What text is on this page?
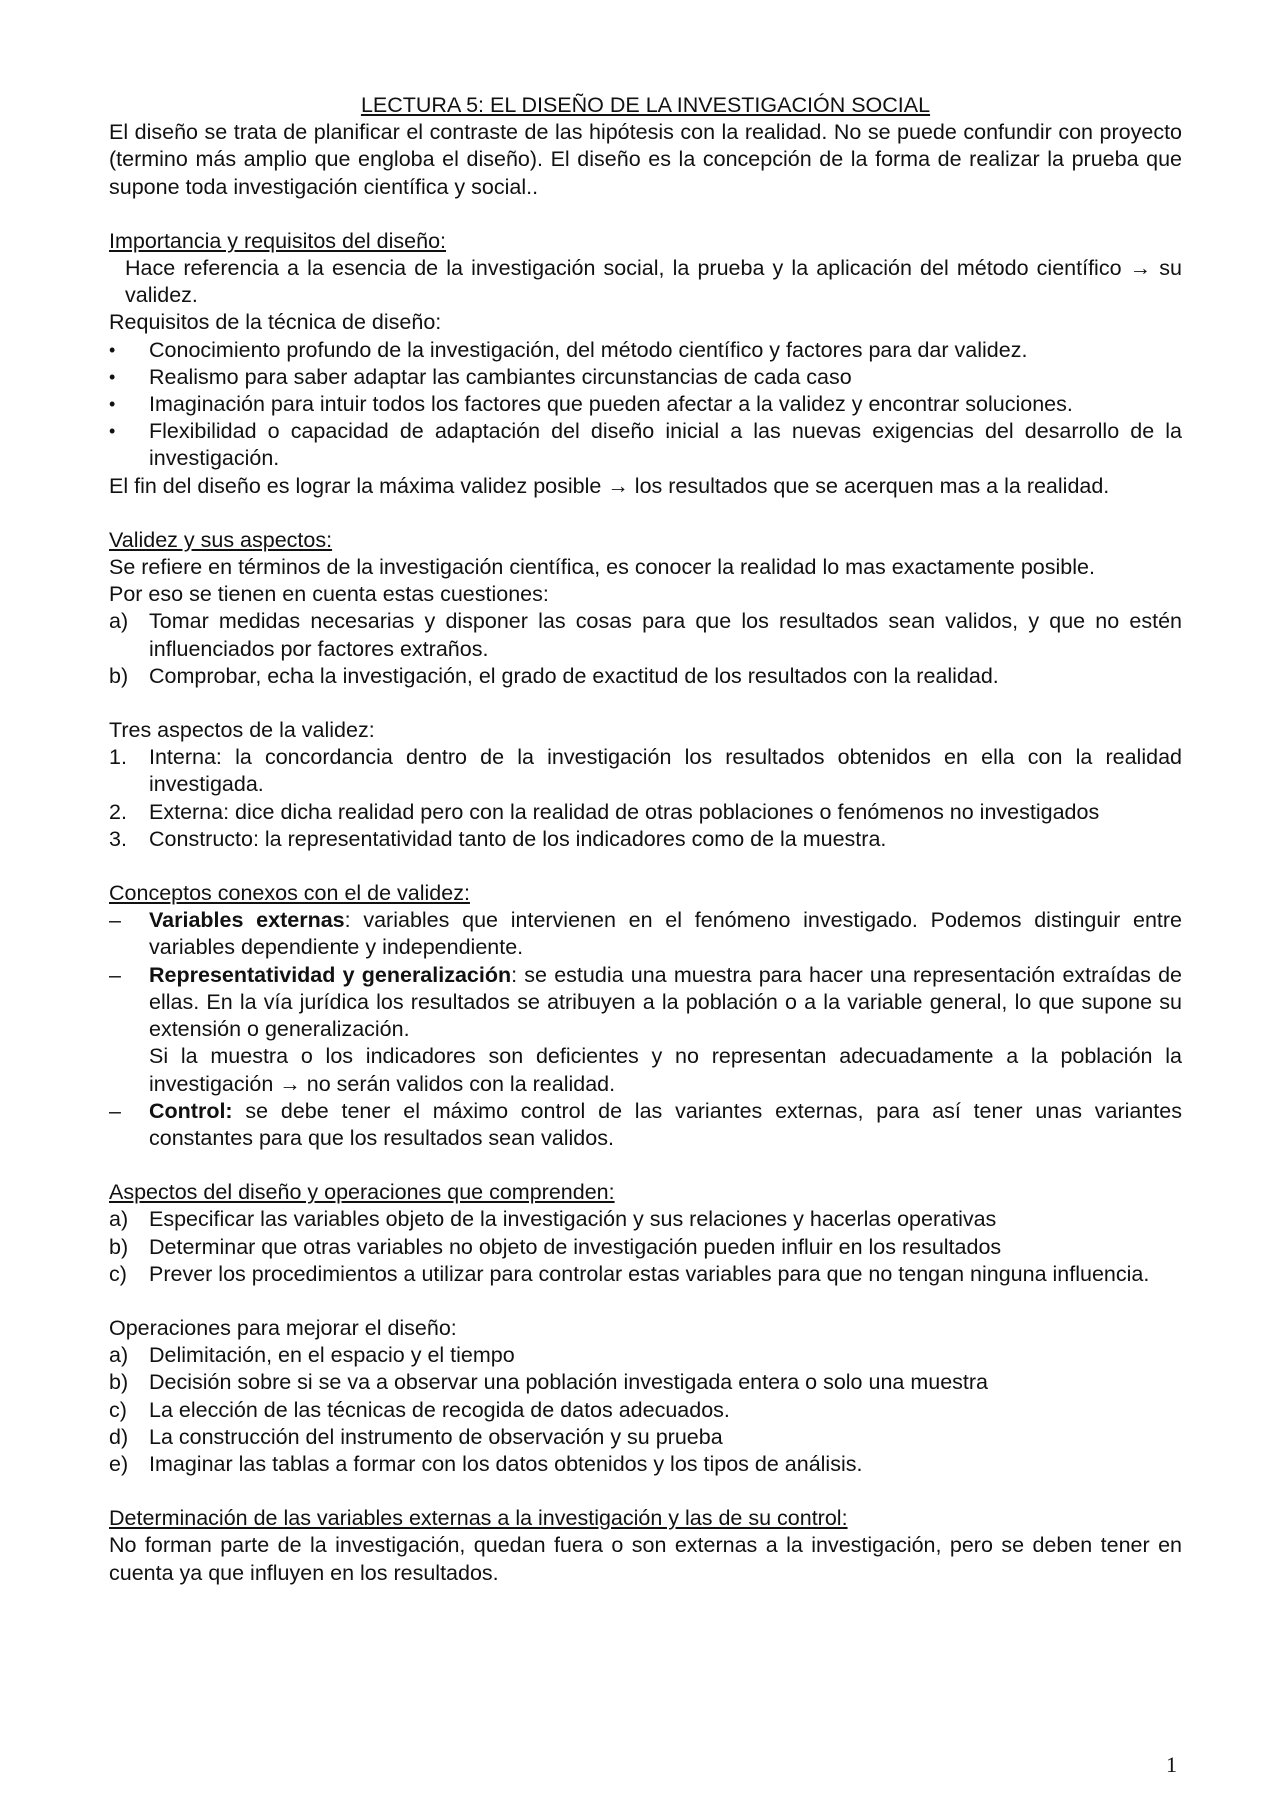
LECTURA 5: EL DISEÑO DE LA INVESTIGACIÓN SOCIAL

El diseño se trata de planificar el contraste de las hipótesis con la realidad. No se puede confundir con proyecto (termino más amplio que engloba el diseño). El diseño es la concepción de la forma de realizar la prueba que supone toda investigación científica y social..

Importancia y requisitos del diseño:
Hace referencia a la esencia de la investigación social, la prueba y la aplicación del método científico → su validez.
Requisitos de la técnica de diseño:
•	Conocimiento profundo de la investigación, del método científico y factores para dar validez.
•	Realismo para saber adaptar las cambiantes circunstancias de cada caso
•	Imaginación para intuir todos los factores que pueden afectar a la validez y encontrar soluciones.
•	Flexibilidad o capacidad de adaptación del diseño inicial a las nuevas exigencias del desarrollo de la investigación.

El fin del diseño es lograr la máxima validez posible → los resultados que se acerquen mas a la realidad.

Validez y sus aspectos:

Se refiere en términos de la investigación científica, es conocer la realidad lo mas exactamente posible.

Por eso se tienen en cuenta estas cuestiones:
a) Tomar medidas necesarias y disponer las cosas para que los resultados sean validos, y que no estén influenciados por factores extraños.
b) Comprobar, echa la investigación, el grado de exactitud de los resultados con la realidad.
Tres aspectos de la validez:
1.	Interna: la concordancia dentro de la investigación los resultados obtenidos en ella con la realidad investigada.
2.	Externa: dice dicha realidad pero con la realidad de otras poblaciones o fenómenos no investigados
3.	Constructo: la representatividad tanto de los indicadores como de la muestra.
Conceptos conexos con el de validez:
–	Variables externas: variables que intervienen en el fenómeno investigado. Podemos distinguir entre variables dependiente y independiente.
–	Representatividad y generalización: se estudia una muestra para hacer una representación extraídas de ellas. En la vía jurídica los resultados se atribuyen a la población o a la variable general, lo que supone su extensión o generalización.
Si la muestra o los indicadores son deficientes y no representan adecuadamente a la población la investigación → no serán validos con la realidad.
–	Control: se debe tener el máximo control de las variantes externas, para así tener unas variantes constantes para que los resultados sean validos.
Aspectos del diseño y operaciones que comprenden:
a) Especificar las variables objeto de la investigación y sus relaciones y hacerlas operativas
b) Determinar que otras variables no objeto de investigación pueden influir en los resultados
c)	Prever los procedimientos a utilizar para controlar estas variables para que no tengan ninguna influencia.
Operaciones para mejorar el diseño:
a) Delimitación, en el espacio y el tiempo
b) Decisión sobre si se va a observar una población investigada entera o solo una muestra
c)	La elección de las técnicas de recogida de datos adecuados.
d) La construcción del instrumento de observación y su prueba
e) Imaginar las tablas a formar con los datos obtenidos y los tipos de análisis.
Determinación de las variables externas a la investigación y las de su control:

No forman parte de la investigación, quedan fuera o son externas a la investigación, pero se deben tener en cuenta ya que influyen en los resultados.

1
